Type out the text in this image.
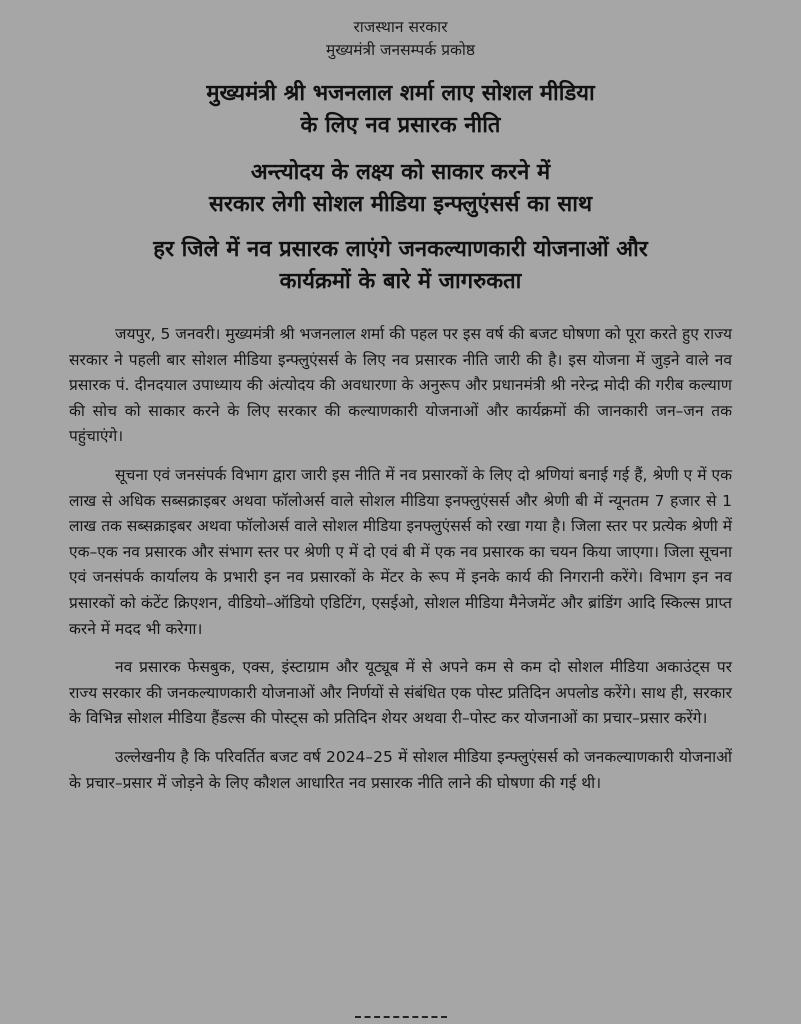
राजस्थान सरकार
मुख्यमंत्री जनसम्पर्क प्रकोष्ठ
मुख्यमंत्री श्री भजनलाल शर्मा लाए सोशल मीडिया
के लिए नव प्रसारक नीति
अन्त्योदय के लक्ष्य को साकार करने में
सरकार लेगी सोशल मीडिया इन्फ्लुएंसर्स का साथ
हर जिले में नव प्रसारक लाएंगे जनकल्याणकारी योजनाओं और
कार्यक्रमों के बारे में जागरुकता

जयपुर, 5 जनवरी। मुख्यमंत्री श्री भजनलाल शर्मा की पहल पर इस वर्ष की बजट घोषणा को पूरा करते हुए राज्य सरकार ने पहली बार सोशल मीडिया इन्फ्लुएंसर्स के लिए नव प्रसारक नीति जारी की है। इस योजना में जुड़ने वाले नव प्रसारक पं. दीनदयाल उपाध्याय की अंत्योदय की अवधारणा के अनुरूप और प्रधानमंत्री श्री नरेन्द्र मोदी की गरीब कल्याण की सोच को साकार करने के लिए सरकार की कल्याणकारी योजनाओं और कार्यक्रमों की जानकारी जन–जन तक पहुंचाएंगे।

सूचना एवं जनसंपर्क विभाग द्वारा जारी इस नीति में नव प्रसारकों के लिए दो श्रणियां बनाई गई हैं, श्रेणी ए में एक लाख से अधिक सब्सक्राइबर अथवा फॉलोअर्स वाले सोशल मीडिया इनफ्लुएंसर्स और श्रेणी बी में न्यूनतम 7 हजार से 1 लाख तक सब्सक्राइबर अथवा फॉलोअर्स वाले सोशल मीडिया इनफ्लुएंसर्स को रखा गया है। जिला स्तर पर प्रत्येक श्रेणी में एक–एक नव प्रसारक और संभाग स्तर पर श्रेणी ए में दो एवं बी में एक नव प्रसारक का चयन किया जाएगा। जिला सूचना एवं जनसंपर्क कार्यालय के प्रभारी इन नव प्रसारकों के मेंटर के रूप में इनके कार्य की निगरानी करेंगे। विभाग इन नव प्रसारकों को कंटेंट क्रिएशन, वीडियो–ऑडियो एडिटिंग, एसईओ, सोशल मीडिया मैनेजमेंट और ब्रांडिंग आदि स्किल्स प्राप्त करने में मदद भी करेगा।

नव प्रसारक फेसबुक, एक्स, इंस्टाग्राम और यूट्यूब में से अपने कम से कम दो सोशल मीडिया अकाउंट्स पर राज्य सरकार की जनकल्याणकारी योजनाओं और निर्णयों से संबंधित एक पोस्ट प्रतिदिन अपलोड करेंगे। साथ ही, सरकार के विभिन्न सोशल मीडिया हैंडल्स की पोस्ट्स को प्रतिदिन शेयर अथवा री–पोस्ट कर योजनाओं का प्रचार–प्रसार करेंगे।

उल्लेखनीय है कि परिवर्तित बजट वर्ष 2024–25 में सोशल मीडिया इन्फ्लुएंसर्स को जनकल्याणकारी योजनाओं के प्रचार–प्रसार में जोड़ने के लिए कौशल आधारित नव प्रसारक नीति लाने की घोषणा की गई थी।
